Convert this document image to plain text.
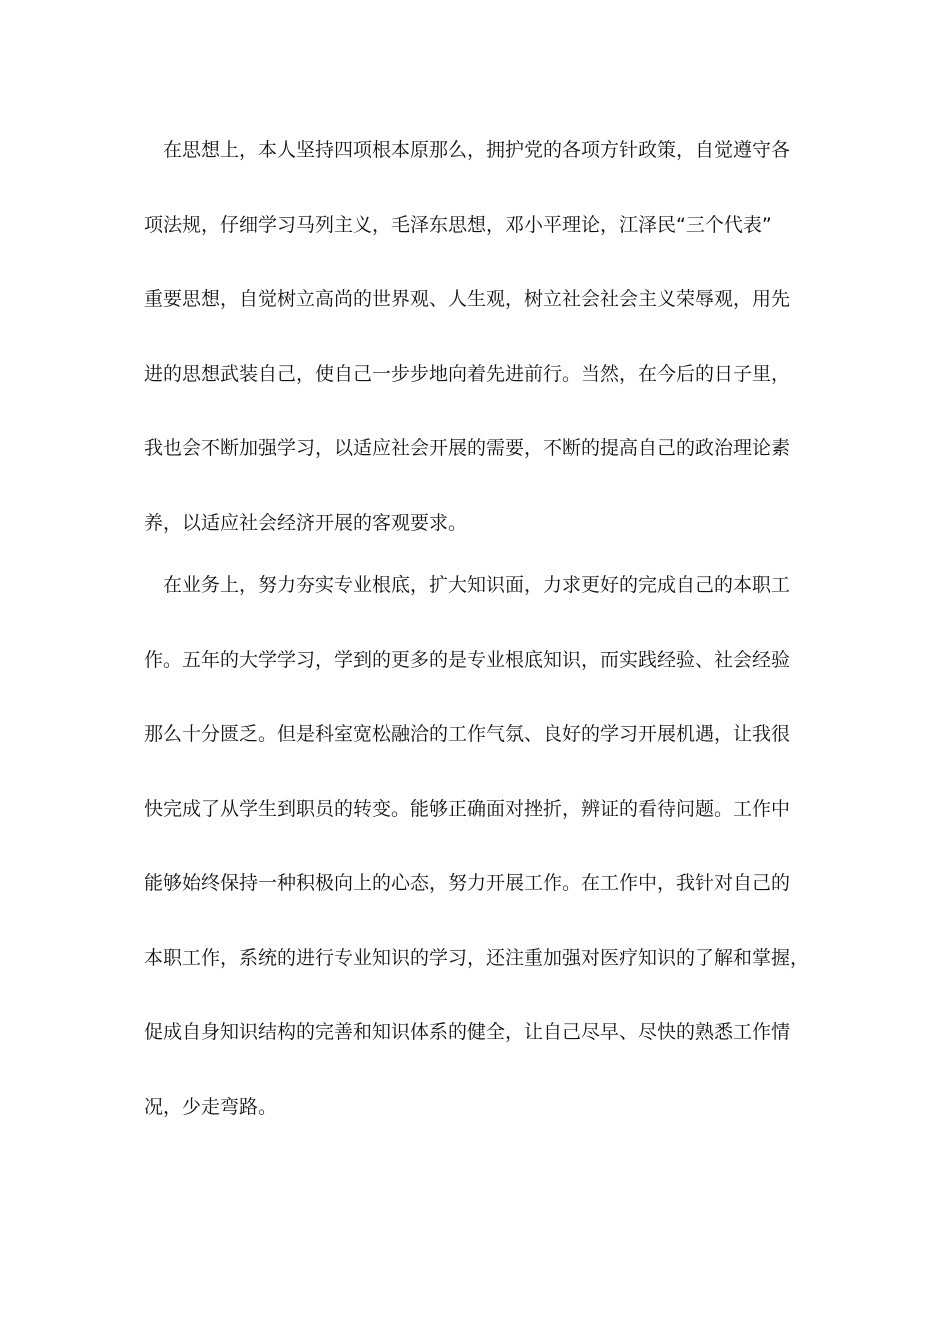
在思想上，本人坚持四项根本原那么，拥护党的各项方针政策，自觉遵守各
项法规，仔细学习马列主义，毛泽东思想，邓小平理论，江泽民“三个代表”
重要思想，自觉树立高尚的世界观、人生观，树立社会社会主义荣辱观，用先
进的思想武装自己，使自己一步步地向着先进前行。当然，在今后的日子里，
我也会不断加强学习，以适应社会开展的需要，不断的提高自己的政治理论素
养，以适应社会经济开展的客观要求。
在业务上，努力夯实专业根底，扩大知识面，力求更好的完成自己的本职工
作。五年的大学学习，学到的更多的是专业根底知识，而实践经验、社会经验
那么十分匮乏。但是科室宽松融洽的工作气氛、良好的学习开展机遇，让我很
快完成了从学生到职员的转变。能够正确面对挫折，辨证的看待问题。工作中
能够始终保持一种积极向上的心态，努力开展工作。在工作中，我针对自己的
本职工作，系统的进行专业知识的学习，还注重加强对医疗知识的了解和掌握，
促成自身知识结构的完善和知识体系的健全，让自己尽早、尽快的熟悉工作情
况，少走弯路。
